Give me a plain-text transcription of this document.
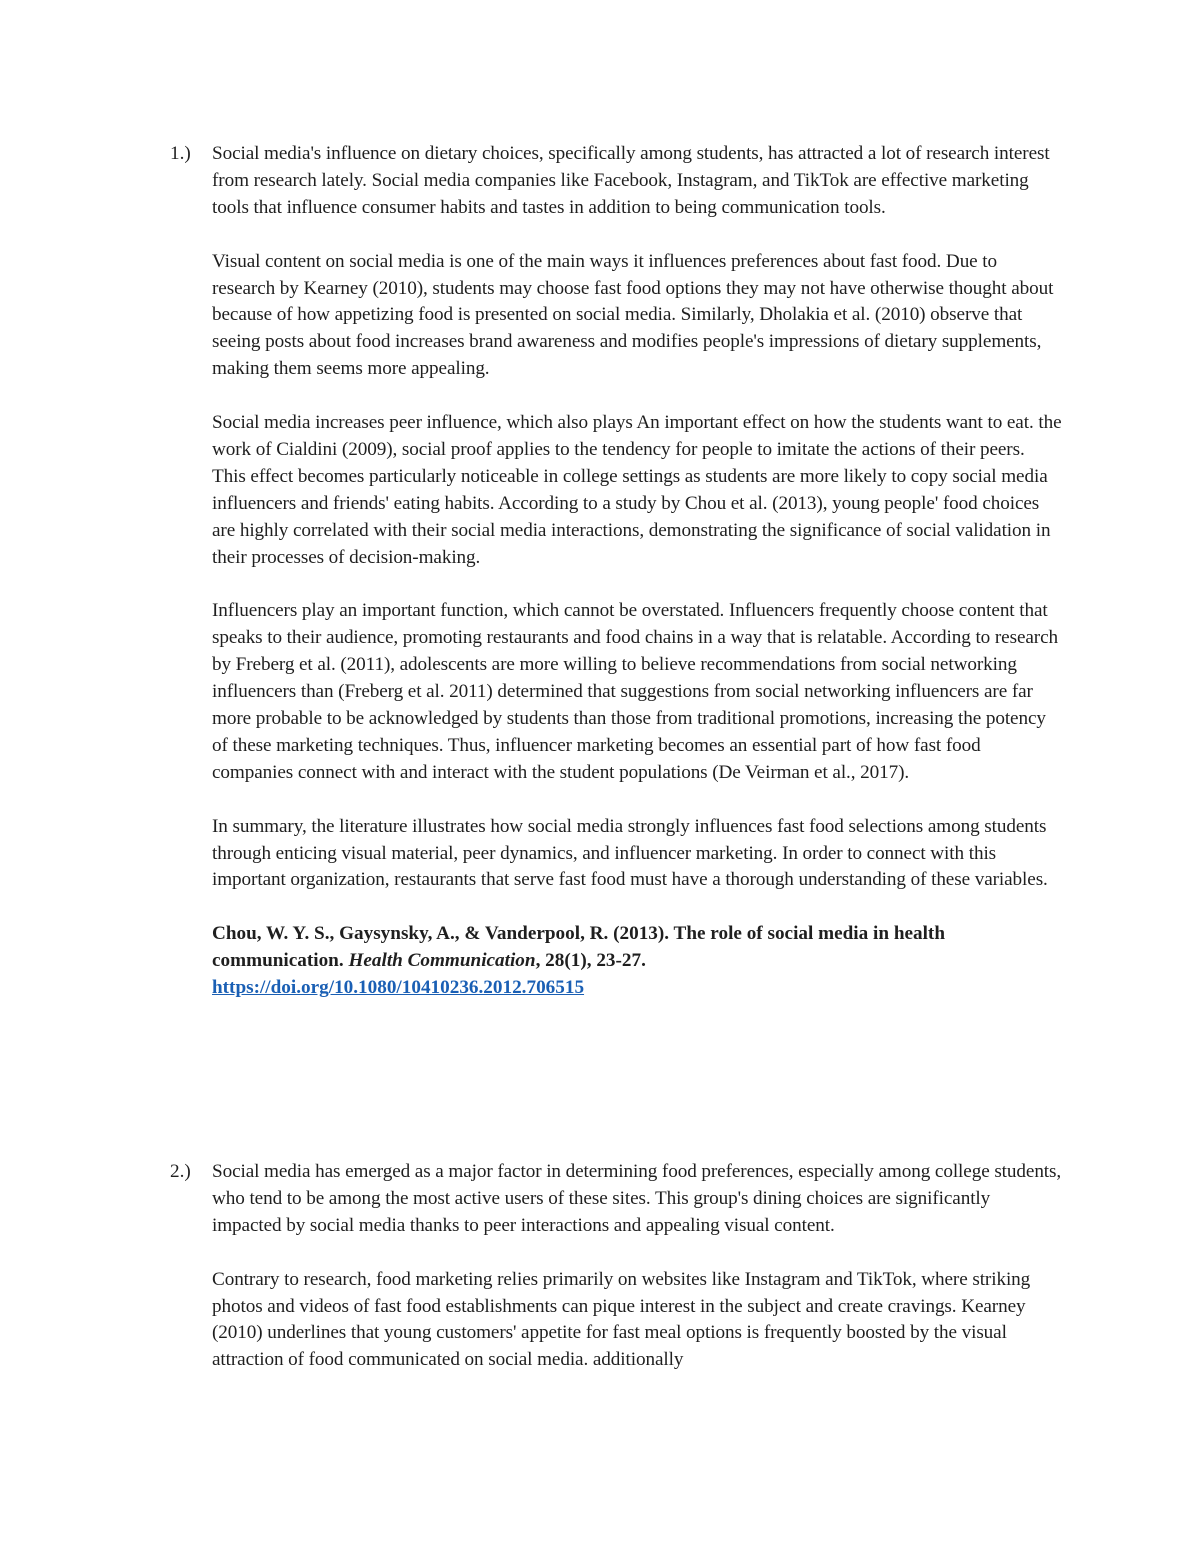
1.)	Social media's influence on dietary choices, specifically among students, has attracted a lot of research interest from research lately. Social media companies like Facebook, Instagram, and TikTok are effective marketing tools that influence consumer habits and tastes in addition to being communication tools.

Visual content on social media is one of the main ways it influences preferences about fast food. Due to research by Kearney (2010), students may choose fast food options they may not have otherwise thought about because of how appetizing food is presented on social media. Similarly, Dholakia et al. (2010) observe that seeing posts about food increases brand awareness and modifies people's impressions of dietary supplements, making them seems more appealing.

Social media increases peer influence, which also plays An important effect on how the students want to eat. the work of Cialdini (2009), social proof applies to the tendency for people to imitate the actions of their peers. This effect becomes particularly noticeable in college settings as students are more likely to copy social media influencers and friends' eating habits. According to a study by Chou et al. (2013), young people' food choices are highly correlated with their social media interactions, demonstrating the significance of social validation in their processes of decision-making.

Influencers play an important function, which cannot be overstated. Influencers frequently choose content that speaks to their audience, promoting restaurants and food chains in a way that is relatable. According to research by Freberg et al. (2011), adolescents are more willing to believe recommendations from social networking influencers than (Freberg et al. 2011) determined that suggestions from social networking influencers are far more probable to be acknowledged by students than those from traditional promotions, increasing the potency of these marketing techniques. Thus, influencer marketing becomes an essential part of how fast food companies connect with and interact with the student populations (De Veirman et al., 2017).

In summary, the literature illustrates how social media strongly influences fast food selections among students through enticing visual material, peer dynamics, and influencer marketing. In order to connect with this important organization, restaurants that serve fast food must have a thorough understanding of these variables.

Chou, W. Y. S., Gaysynsky, A., & Vanderpool, R. (2013). The role of social media in health communication. Health Communication, 28(1), 23-27.
https://doi.org/10.1080/10410236.2012.706515

2.)	Social media has emerged as a major factor in determining food preferences, especially among college students, who tend to be among the most active users of these sites. This group's dining choices are significantly impacted by social media thanks to peer interactions and appealing visual content.

Contrary to research, food marketing relies primarily on websites like Instagram and TikTok, where striking photos and videos of fast food establishments can pique interest in the subject and create cravings. Kearney (2010) underlines that young customers' appetite for fast meal options is frequently boosted by the visual attraction of food communicated on social media. additionally
